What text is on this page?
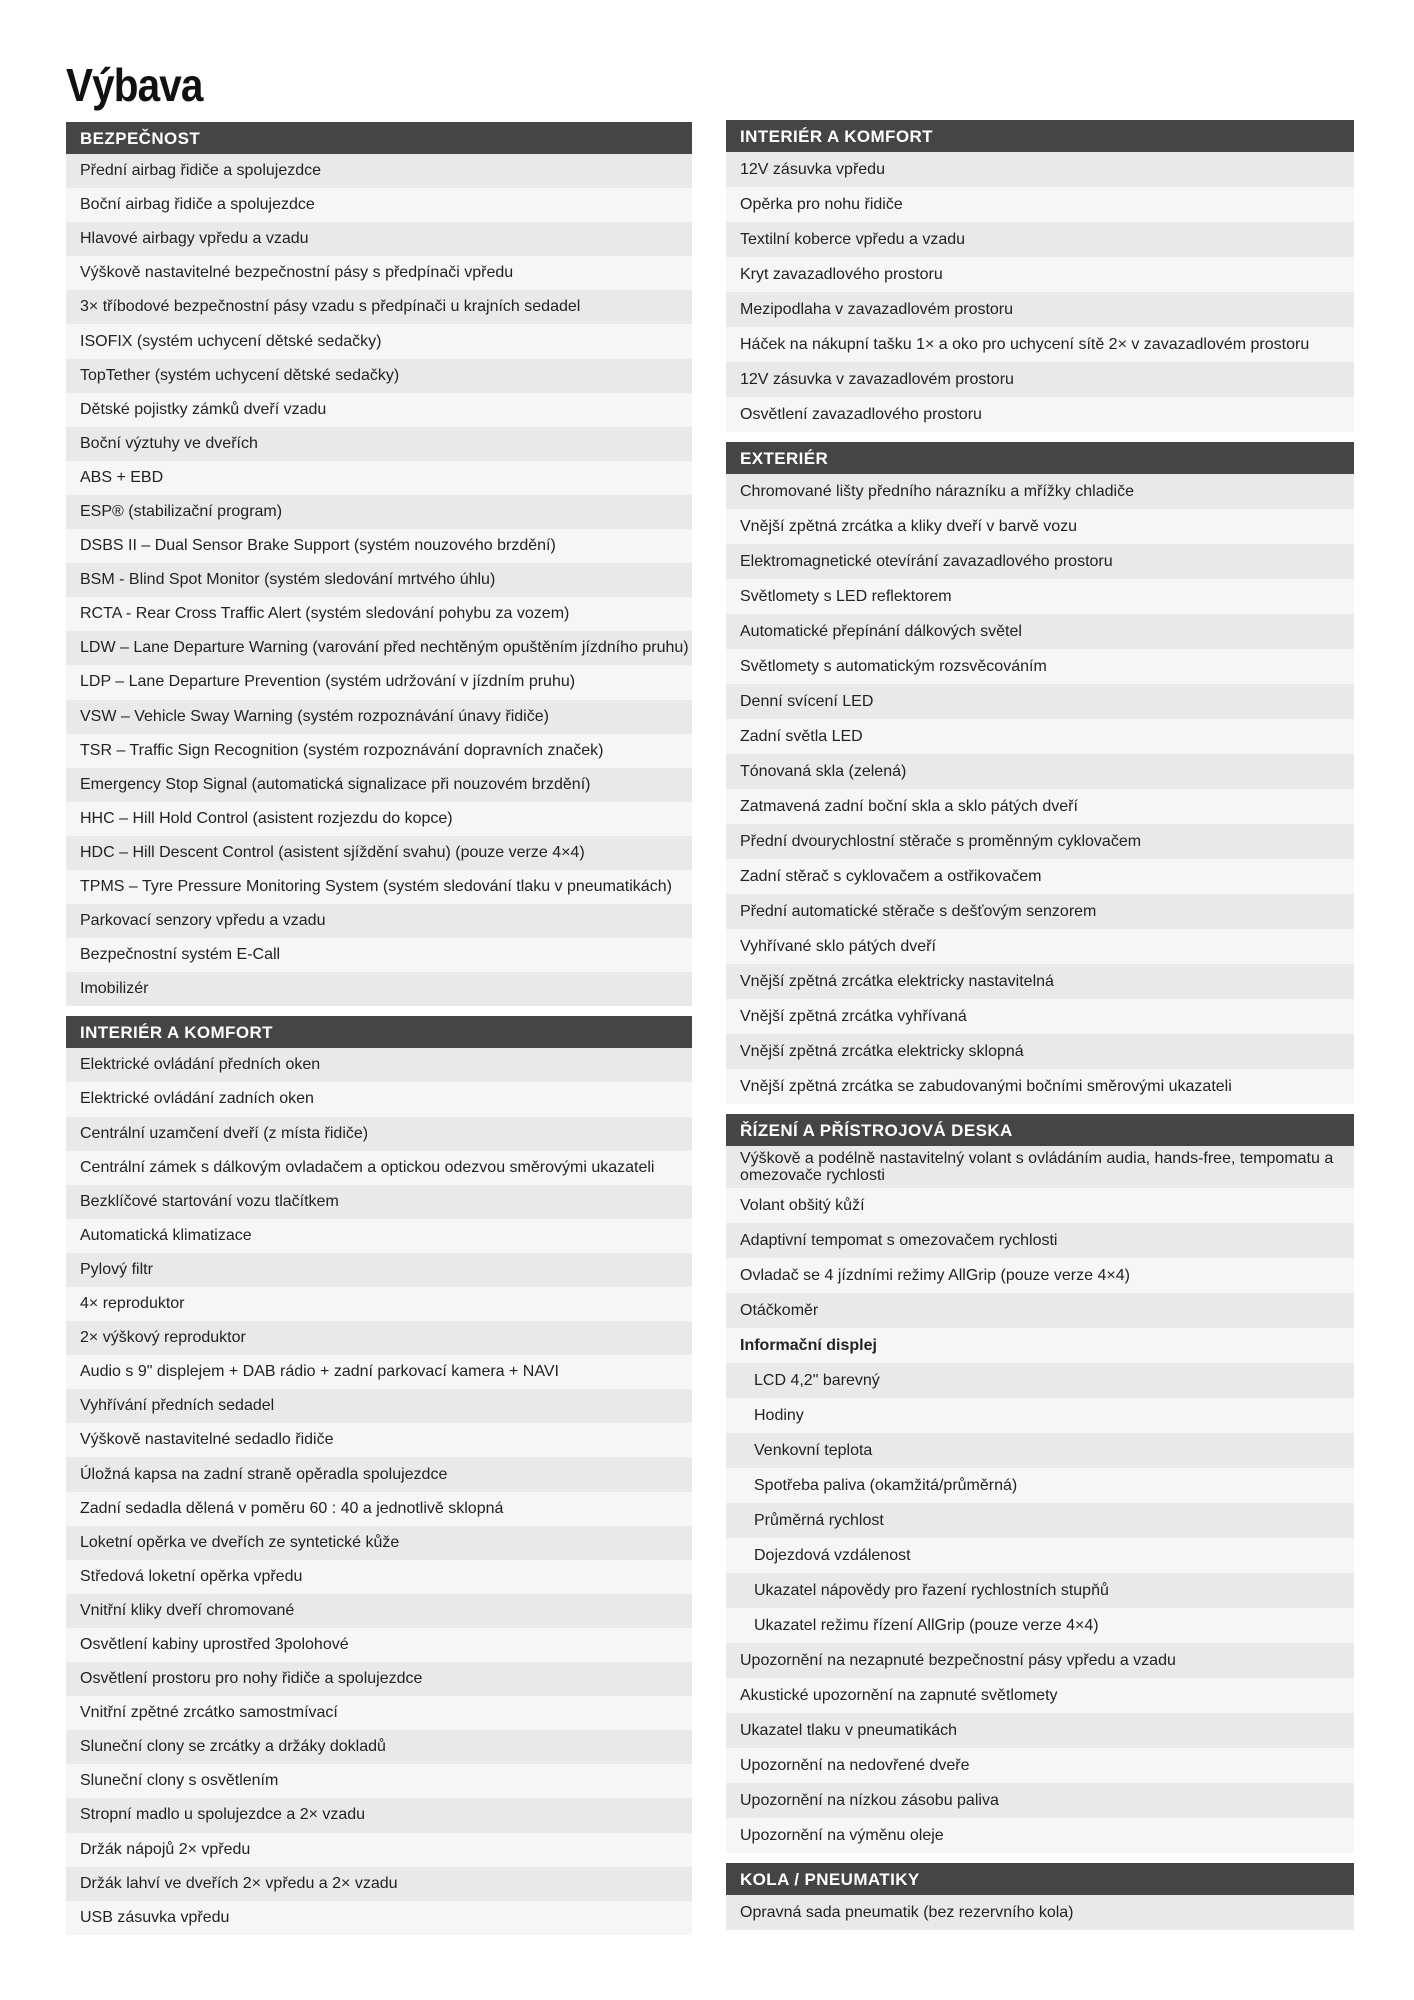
Výbava
BEZPEČNOST
Přední airbag řidiče a spolujezdce
Boční airbag řidiče a spolujezdce
Hlavové airbagy vpředu a vzadu
Výškově nastavitelné bezpečnostní pásy s předpínači vpředu
3× tříbodové bezpečnostní pásy vzadu s předpínači u krajních sedadel
ISOFIX (systém uchycení dětské sedačky)
TopTether (systém uchycení dětské sedačky)
Dětské pojistky zámků dveří vzadu
Boční výztuhy ve dveřích
ABS + EBD
ESP® (stabilizační program)
DSBS II – Dual Sensor Brake Support (systém nouzového brzdění)
BSM - Blind Spot Monitor (systém sledování mrtvého úhlu)
RCTA - Rear Cross Traffic Alert (systém sledování pohybu za vozem)
LDW – Lane Departure Warning (varování před nechtěným opuštěním jízdního pruhu)
LDP – Lane Departure Prevention (systém udržování v jízdním pruhu)
VSW – Vehicle Sway Warning (systém rozpoznávání únavy řidiče)
TSR – Traffic Sign Recognition (systém rozpoznávání dopravních značek)
Emergency Stop Signal (automatická signalizace při nouzovém brzdění)
HHC – Hill Hold Control (asistent rozjezdu do kopce)
HDC – Hill Descent Control (asistent sjíždění svahu) (pouze verze 4×4)
TPMS – Tyre Pressure Monitoring System (systém sledování tlaku v pneumatikách)
Parkovací senzory vpředu a vzadu
Bezpečnostní systém E-Call
Imobilizér
INTERIÉR A KOMFORT
Elektrické ovládání předních oken
Elektrické ovládání zadních oken
Centrální uzamčení dveří (z místa řidiče)
Centrální zámek s dálkovým ovladačem a optickou odezvou směrovými ukazateli
Bezklíčové startování vozu tlačítkem
Automatická klimatizace
Pylový filtr
4× reproduktor
2× výškový reproduktor
Audio s 9" displejem + DAB rádio + zadní parkovací kamera + NAVI
Vyhřívání předních sedadel
Výškově nastavitelné sedadlo řidiče
Úložná kapsa na zadní straně opěradla spolujezdce
Zadní sedadla dělená v poměru 60 : 40 a jednotlivě sklopná
Loketní opěrka ve dveřích ze syntetické kůže
Středová loketní opěrka vpředu
Vnitřní kliky dveří chromované
Osvětlení kabiny uprostřed 3polohové
Osvětlení prostoru pro nohy řidiče a spolujezdce
Vnitřní zpětné zrcátko samostmívací
Sluneční clony se zrcátky a držáky dokladů
Sluneční clony s osvětlením
Stropní madlo u spolujezdce a 2× vzadu
Držák nápojů 2× vpředu
Držák lahví ve dveřích 2× vpředu a 2× vzadu
USB zásuvka vpředu
INTERIÉR A KOMFORT
12V zásuvka vpředu
Opěrka pro nohu řidiče
Textilní koberce vpředu a vzadu
Kryt zavazadlového prostoru
Mezipodlaha v zavazadlovém prostoru
Háček na nákupní tašku 1× a oko pro uchycení sítě 2× v zavazadlovém prostoru
12V zásuvka v zavazadlovém prostoru
Osvětlení zavazadlového prostoru
EXTERIÉR
Chromované lišty předního nárazníku a mřížky chladiče
Vnější zpětná zrcátka a kliky dveří v barvě vozu
Elektromagnetické otevírání zavazadlového prostoru
Světlomety s LED reflektorem
Automatické přepínání dálkových světel
Světlomety s automatickým rozsvěcováním
Denní svícení LED
Zadní světla LED
Tónovaná skla (zelená)
Zatmavená zadní boční skla a sklo pátých dveří
Přední dvourychlostní stěrače s proměnným cyklovačem
Zadní stěrač s cyklovačem a ostřikovačem
Přední automatické stěrače s dešťovým senzorem
Vyhřívané sklo pátých dveří
Vnější zpětná zrcátka elektricky nastavitelná
Vnější zpětná zrcátka vyhřívaná
Vnější zpětná zrcátka elektricky sklopná
Vnější zpětná zrcátka se zabudovanými bočními směrovými ukazateli
ŘÍZENÍ A PŘÍSTROJOVÁ DESKA
Výškově a podélně nastavitelný volant s ovládáním audia, hands-free, tempomatu a omezovače rychlosti
Volant obšitý kůží
Adaptivní tempomat s omezovačem rychlosti
Ovladač se 4 jízdními režimy AllGrip (pouze verze 4×4)
Otáčkoměr
Informační displej
LCD 4,2" barevný
Hodiny
Venkovní teplota
Spotřeba paliva (okamžitá/průměrná)
Průměrná rychlost
Dojezdová vzdálenost
Ukazatel nápovědy pro řazení rychlostních stupňů
Ukazatel režimu řízení AllGrip (pouze verze 4×4)
Upozornění na nezapnuté bezpečnostní pásy vpředu a vzadu
Akustické upozornění na zapnuté světlomety
Ukazatel tlaku v pneumatikách
Upozornění na nedovřené dveře
Upozornění na nízkou zásobu paliva
Upozornění na výměnu oleje
KOLA / PNEUMATIKY
Opravná sada pneumatik (bez rezervního kola)
